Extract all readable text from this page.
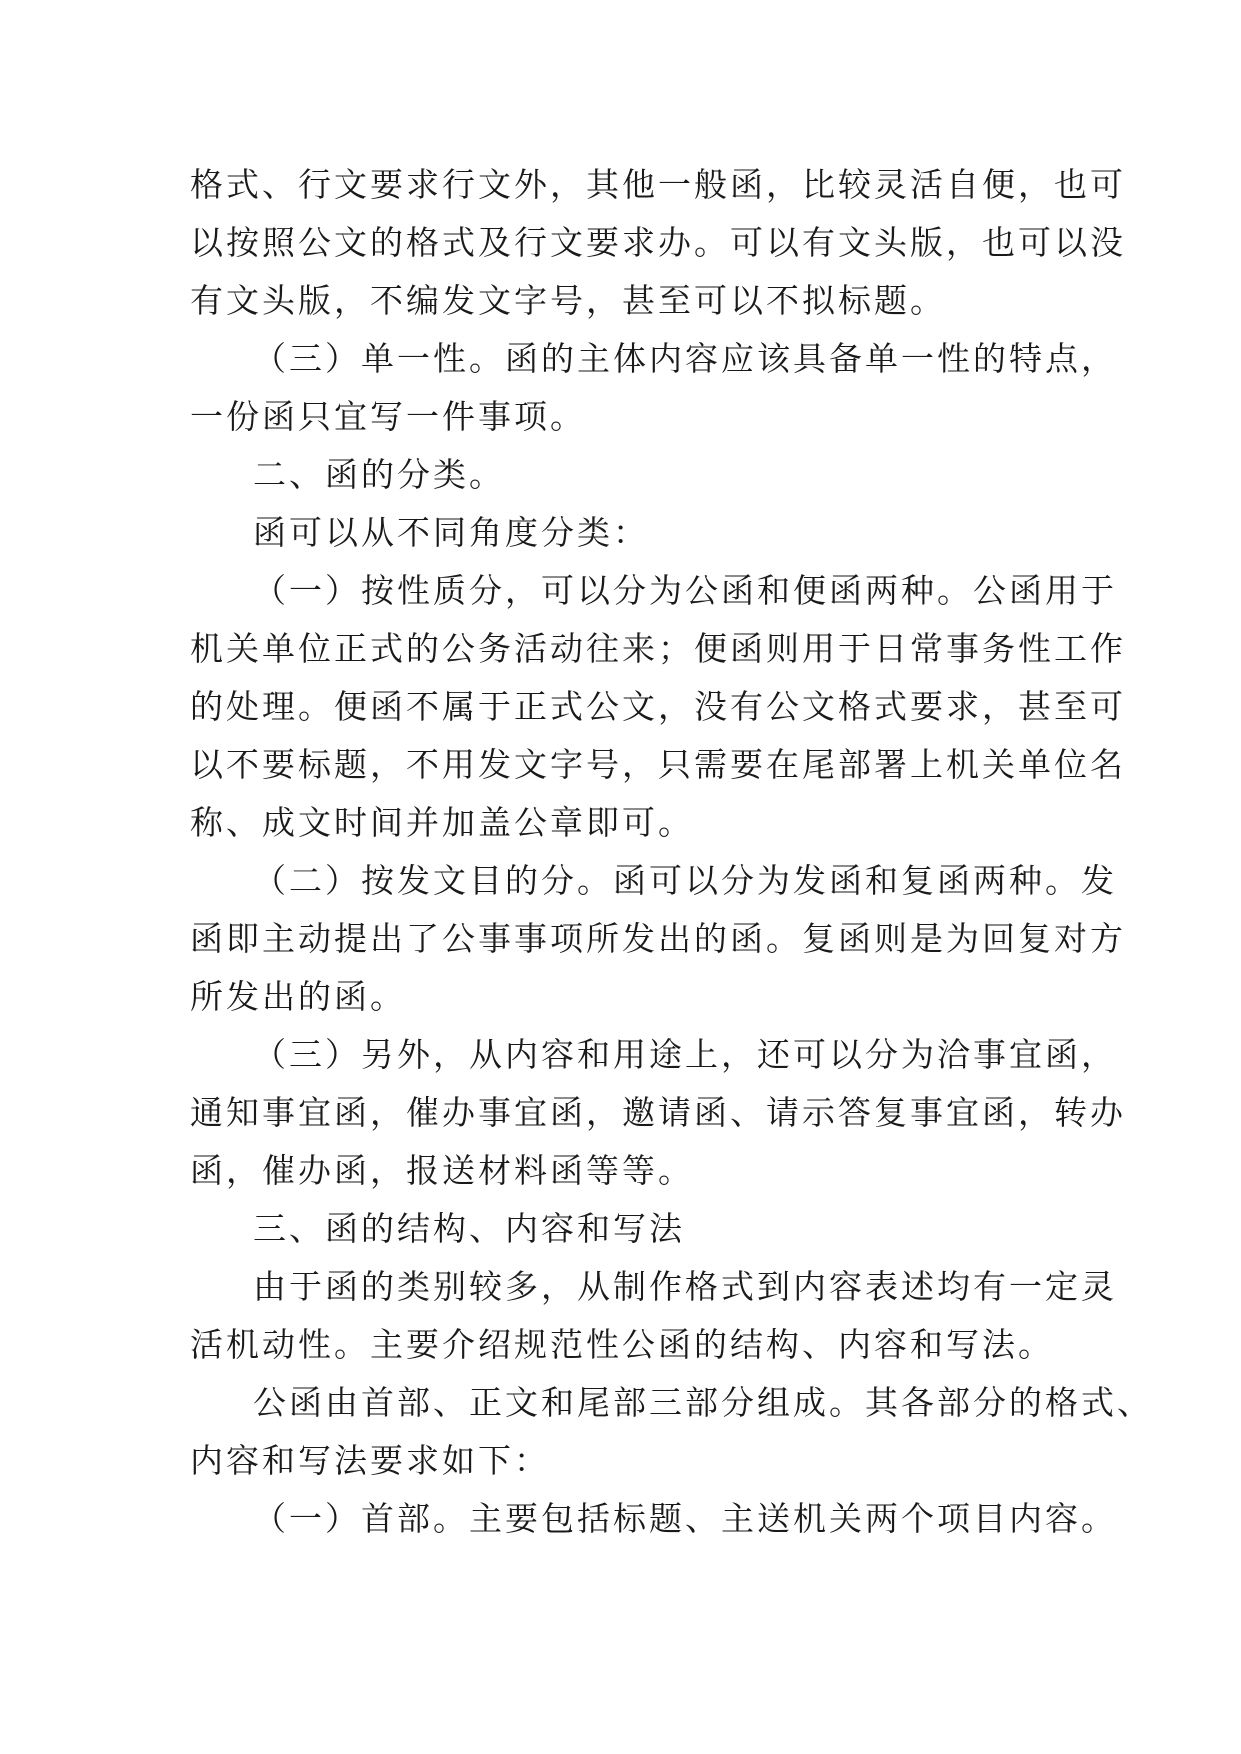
格式、行文要求行文外，其他一般函，比较灵活自便，也可
以按照公文的格式及行文要求办。可以有文头版，也可以没
有文头版，不编发文字号，甚至可以不拟标题。
（三）单一性。函的主体内容应该具备单一性的特点，
一份函只宜写一件事项。
二、函的分类。
函可以从不同角度分类：
（一）按性质分，可以分为公函和便函两种。公函用于
机关单位正式的公务活动往来；便函则用于日常事务性工作
的处理。便函不属于正式公文，没有公文格式要求，甚至可
以不要标题，不用发文字号，只需要在尾部署上机关单位名
称、成文时间并加盖公章即可。
（二）按发文目的分。函可以分为发函和复函两种。发
函即主动提出了公事事项所发出的函。复函则是为回复对方
所发出的函。
（三）另外，从内容和用途上，还可以分为洽事宜函，
通知事宜函，催办事宜函，邀请函、请示答复事宜函，转办
函，催办函，报送材料函等等。
三、函的结构、内容和写法
由于函的类别较多，从制作格式到内容表述均有一定灵
活机动性。主要介绍规范性公函的结构、内容和写法。
公函由首部、正文和尾部三部分组成。其各部分的格式、
内容和写法要求如下：
（一）首部。主要包括标题、主送机关两个项目内容。
